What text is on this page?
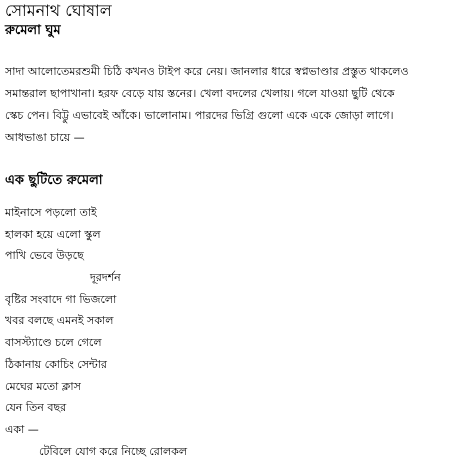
সোমনাথ ঘোষাল
রুমেলা ঘুম
সাদা আলোতেমরশুমী চিঠি কখনও টাইপ করে নেয়। জানলার ধারে স্বপ্নভাণ্ডার প্রস্তুত থাকলেও
সমান্তরাল ছাপাখানা। হরফ বেড়ে যায় স্তনের। খেলা বদলের খেলায়। গলে যাওয়া ছুটি থেকে
স্কেচ পেন। বিট্টু এভাবেই আঁকে। ভালোনাম। পারদের ভিগ্রি গুলো একে একে জোড়া লাগে।
আধভাঙা চায়ে —
এক ছুটিতে রুমেলা
মাইনাসে পড়লো তাই
হালকা হয়ে এলো স্কুল
পাখি ভেবে উড়ছে
দূরদর্শন
বৃষ্টির সংবাদে গা ভিজলো
খবর বলছে এমনই সকাল
বাসস্ট্যাণ্ডে চলে গেলে
ঠিকানায় কোচিং সেন্টার
মেঘের মতো ক্লাস
যেন তিন বছর
একা —
টেবিলে যোগ করে নিচ্ছে রোলকল
